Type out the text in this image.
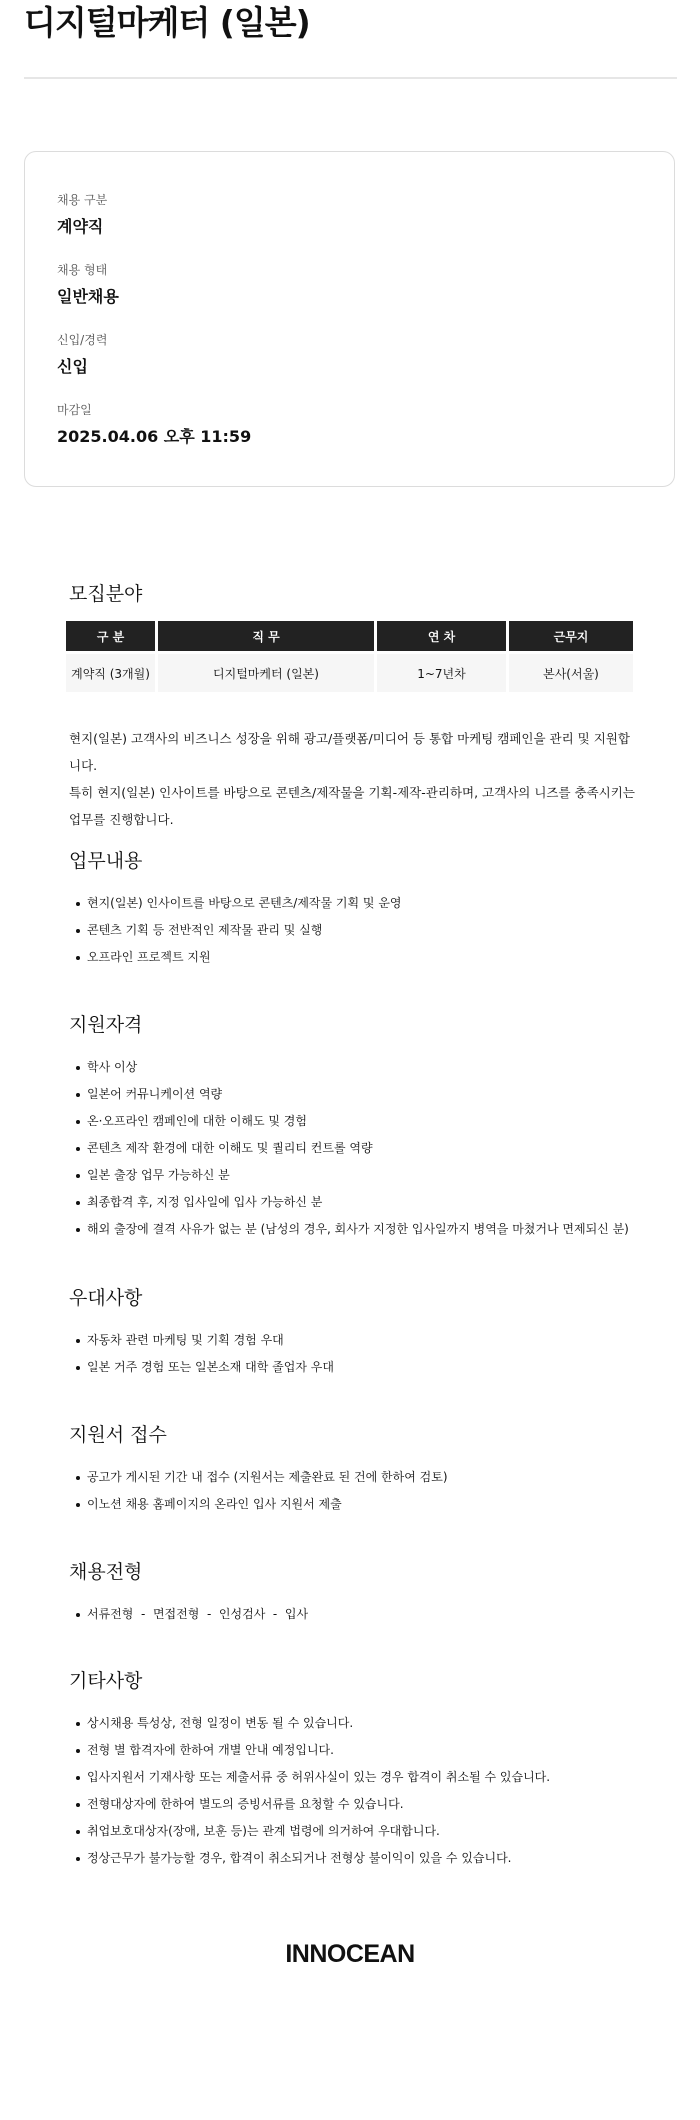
디지털마케터 (일본)
채용 구분
계약직
채용 형태
일반채용
신입/경력
신입
마감일
2025.04.06 오후 11:59
모집분야
구 분	직 무	연 차	근무지
계약직 (3개월)	디지털마케터 (일본)	1~7년차	본사(서울)

현지(일본) 고객사의 비즈니스 성장을 위해 광고/플랫폼/미디어 등 통합 마케팅 캠페인을 관리 및 지원합니다.
특히 현지(일본) 인사이트를 바탕으로 콘텐츠/제작물을 기획-제작-관리하며, 고객사의 니즈를 충족시키는
업무를 진행합니다.

업무내용
현지(일본) 인사이트를 바탕으로 콘텐츠/제작물 기획 및 운영
콘텐츠 기획 등 전반적인 제작물 관리 및 실행
오프라인 프로젝트 지원
지원자격
학사 이상
일본어 커뮤니케이션 역량
온·오프라인 캠페인에 대한 이해도 및 경험
콘텐츠 제작 환경에 대한 이해도 및 퀄리티 컨트롤 역량
일본 출장 업무 가능하신 분
최종합격 후, 지정 입사일에 입사 가능하신 분
해외 출장에 결격 사유가 없는 분 (남성의 경우, 회사가 지정한 입사일까지 병역을 마쳤거나 면제되신 분)
우대사항
자동차 관련 마케팅 및 기획 경험 우대
일본 거주 경험 또는 일본소재 대학 졸업자 우대
지원서 접수
공고가 게시된 기간 내 접수 (지원서는 제출완료 된 건에 한하여 검토)
이노션 채용 홈페이지의 온라인 입사 지원서 제출
채용전형
서류전형  -  면접전형  -  인성검사  -  입사
기타사항
상시채용 특성상, 전형 일정이 변동 될 수 있습니다.
전형 별 합격자에 한하여 개별 안내 예정입니다.
입사지원서 기재사항 또는 제출서류 중 허위사실이 있는 경우 합격이 취소될 수 있습니다.
전형대상자에 한하여 별도의 증빙서류를 요청할 수 있습니다.
취업보호대상자(장애, 보훈 등)는 관계 법령에 의거하여 우대합니다.
정상근무가 불가능할 경우, 합격이 취소되거나 전형상 불이익이 있을 수 있습니다.
INNOCEAN
